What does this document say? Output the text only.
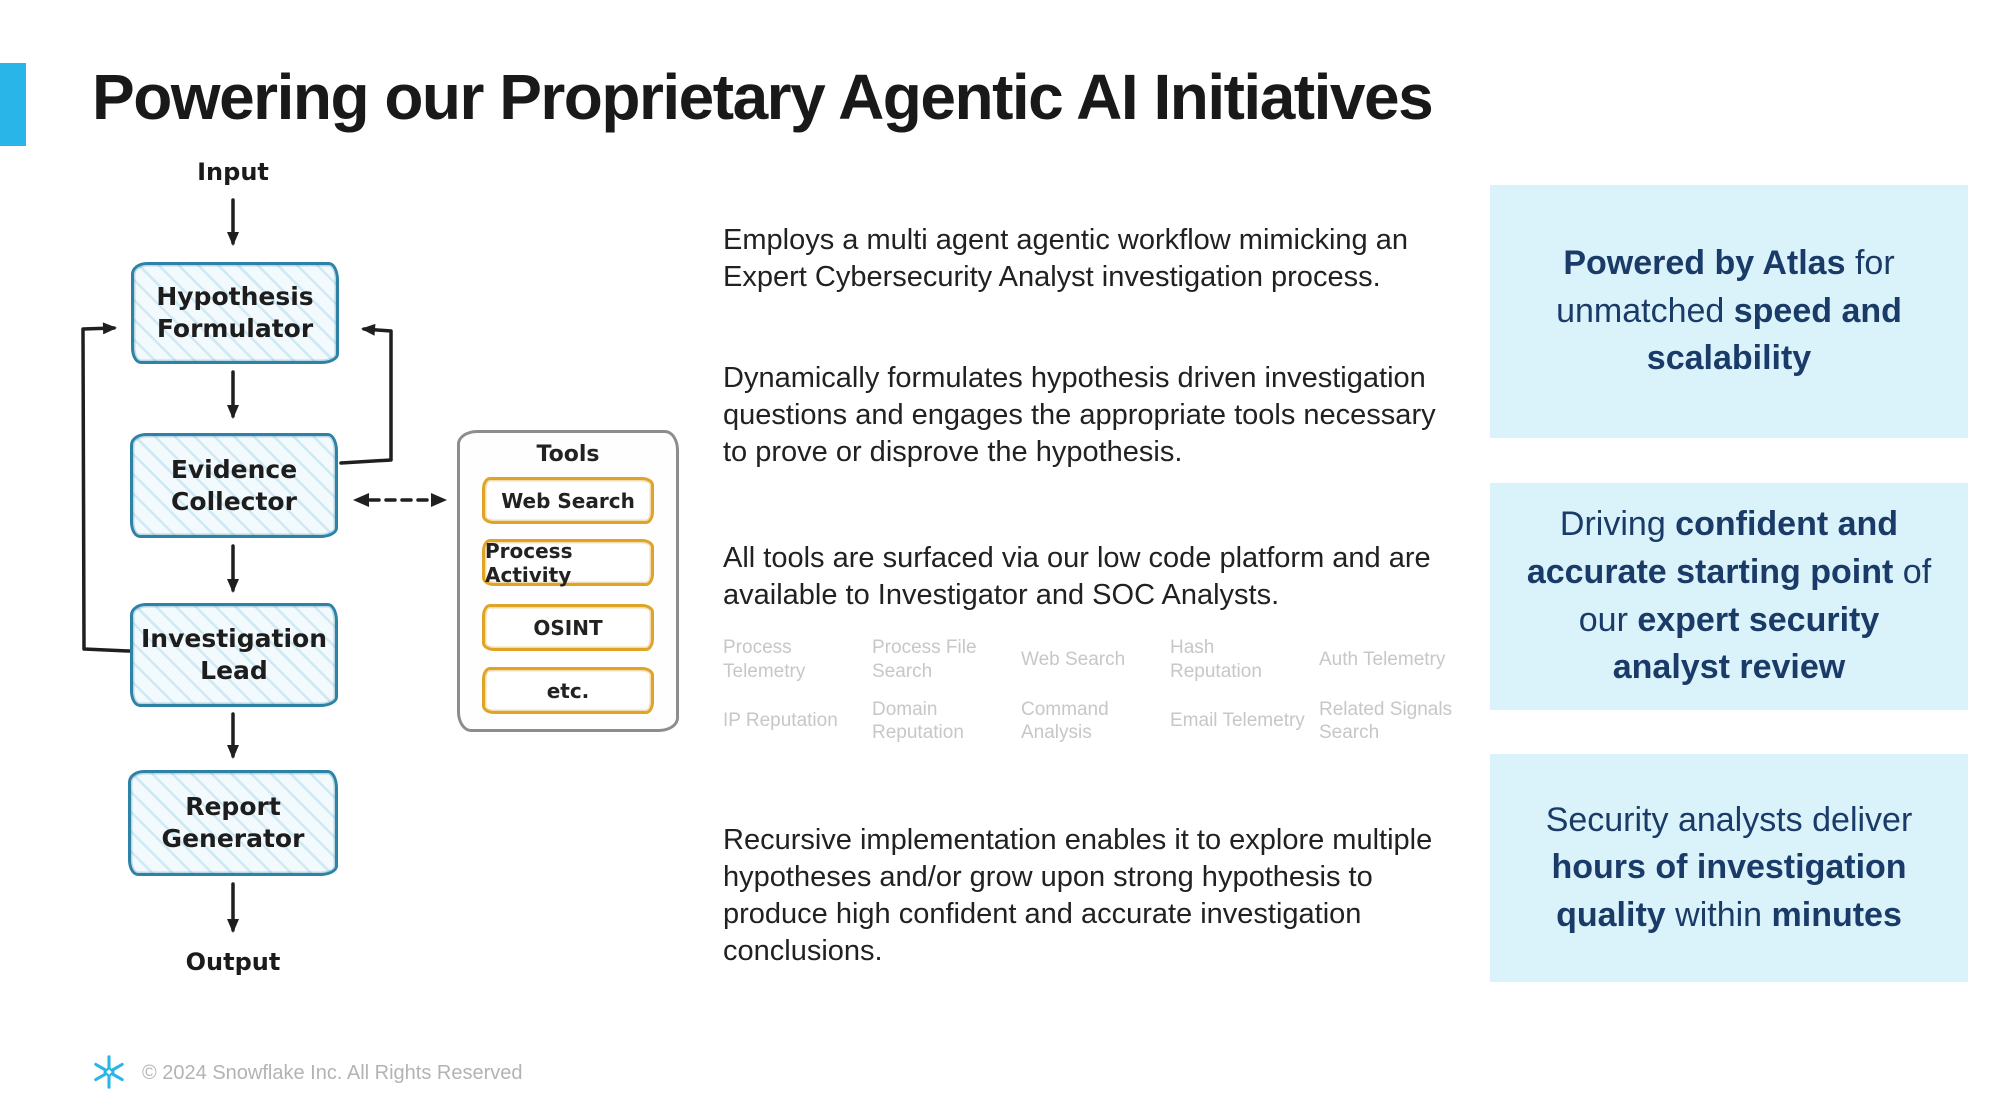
Powering our Proprietary Agentic AI Initiatives
Input
Hypothesis Formulator
Evidence Collector
Investigation Lead
Report Generator
Output
Tools
Web Search
Process Activity
OSINT
etc.
Employs a multi agent agentic workflow mimicking an Expert Cybersecurity Analyst investigation process.
Dynamically formulates hypothesis driven investigation questions and engages the appropriate tools necessary to prove or disprove the hypothesis.
All tools are surfaced via our low code platform and are available to Investigator and SOC Analysts.
Process Telemetry
Process File Search
Web Search
Hash Reputation
Auth Telemetry
IP Reputation
Domain Reputation
Command Analysis
Email Telemetry
Related Signals Search
Recursive implementation enables it to explore multiple hypotheses and/or grow upon strong hypothesis to produce high confident and accurate investigation conclusions.
Powered by Atlas for unmatched speed and scalability
Driving confident and accurate starting point of our expert security analyst review
Security analysts deliver hours of investigation quality within minutes
© 2024 Snowflake Inc. All Rights Reserved
